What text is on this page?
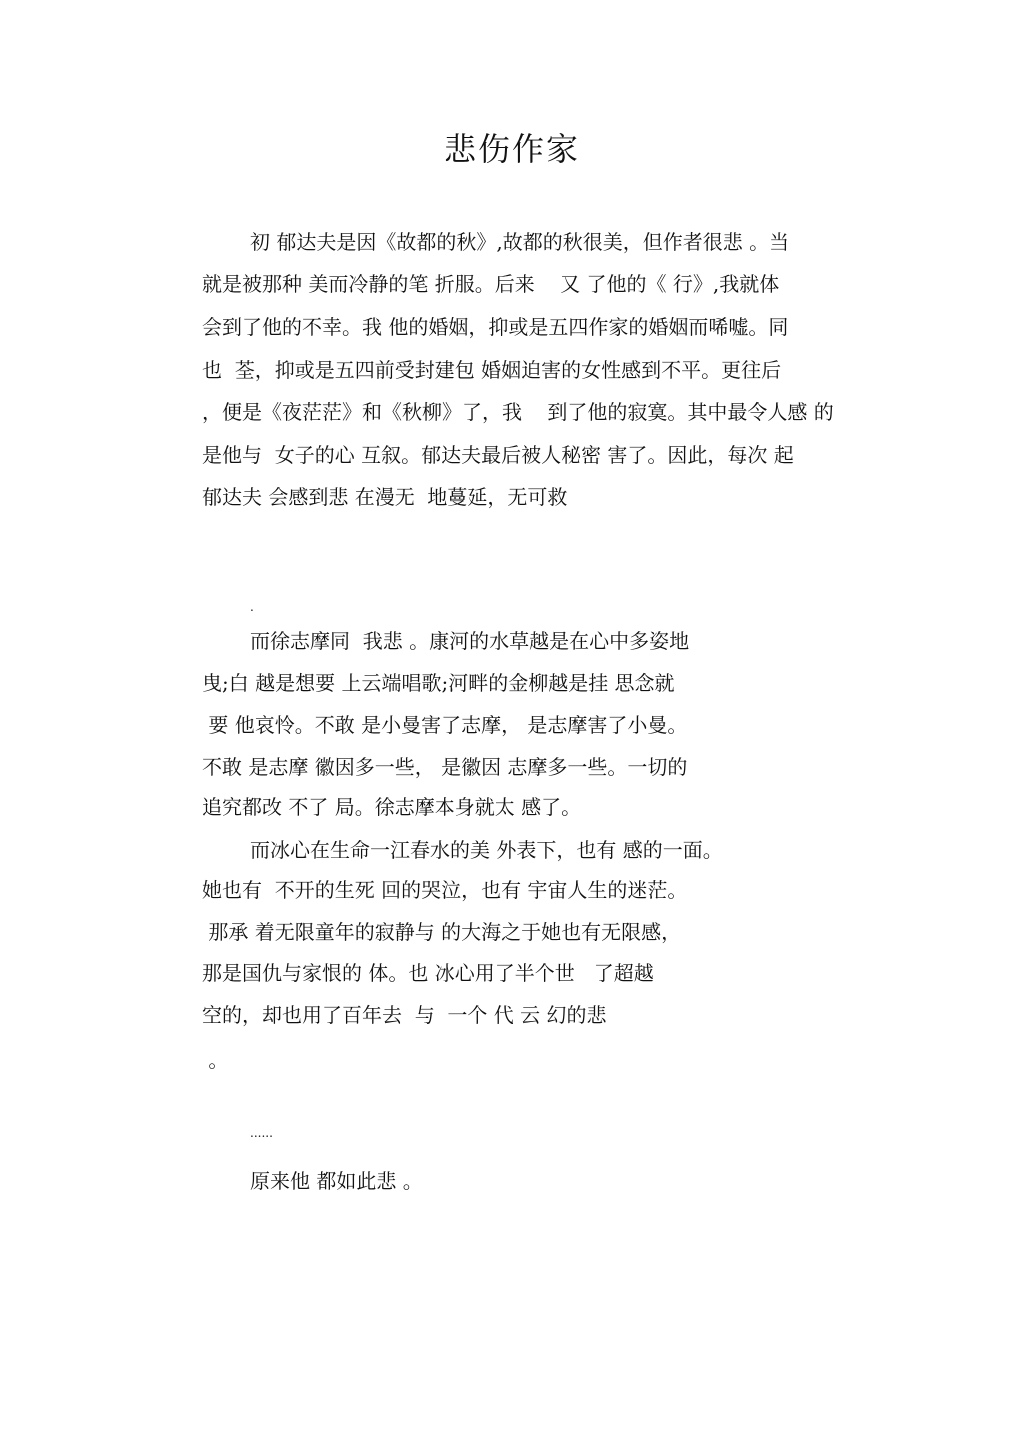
悲伤作家
初 郁达夫是因《故都的秋》,故都的秋很美，但作者很悲 。当
就是被那种 美而冷静的笔 折服。后来    又 了他的《 行》,我就体
会到了他的不幸。我 他的婚姻，抑或是五四作家的婚姻而唏嘘。同
也  荃，抑或是五四前受封建包 婚姻迫害的女性感到不平。更往后
，便是《夜茫茫》和《秋柳》了，我    到了他的寂寞。其中最令人感 的
是他与  女子的心 互叙。郁达夫最后被人秘密 害了。因此，每次 起
郁达夫 会感到悲 在漫无  地蔓延，无可救
.
而徐志摩同  我悲 。康河的水草越是在心中多姿地
曳;白 越是想要 上云端唱歌;河畔的金柳越是挂 思念就
要 他哀怜。不敢 是小曼害了志摩， 是志摩害了小曼。
不敢 是志摩 徽因多一些， 是徽因 志摩多一些。一切的
追究都改 不了 局。徐志摩本身就太 感了。
而冰心在生命一江春水的美 外表下，也有 感的一面。
她也有  不开的生死 回的哭泣，也有 宇宙人生的迷茫。
那承 着无限童年的寂静与 的大海之于她也有无限感，
那是国仇与家恨的 体。也 冰心用了半个世   了超越
空的，却也用了百年去  与  一个 代 云 幻的悲
。
......
原来他 都如此悲 。
